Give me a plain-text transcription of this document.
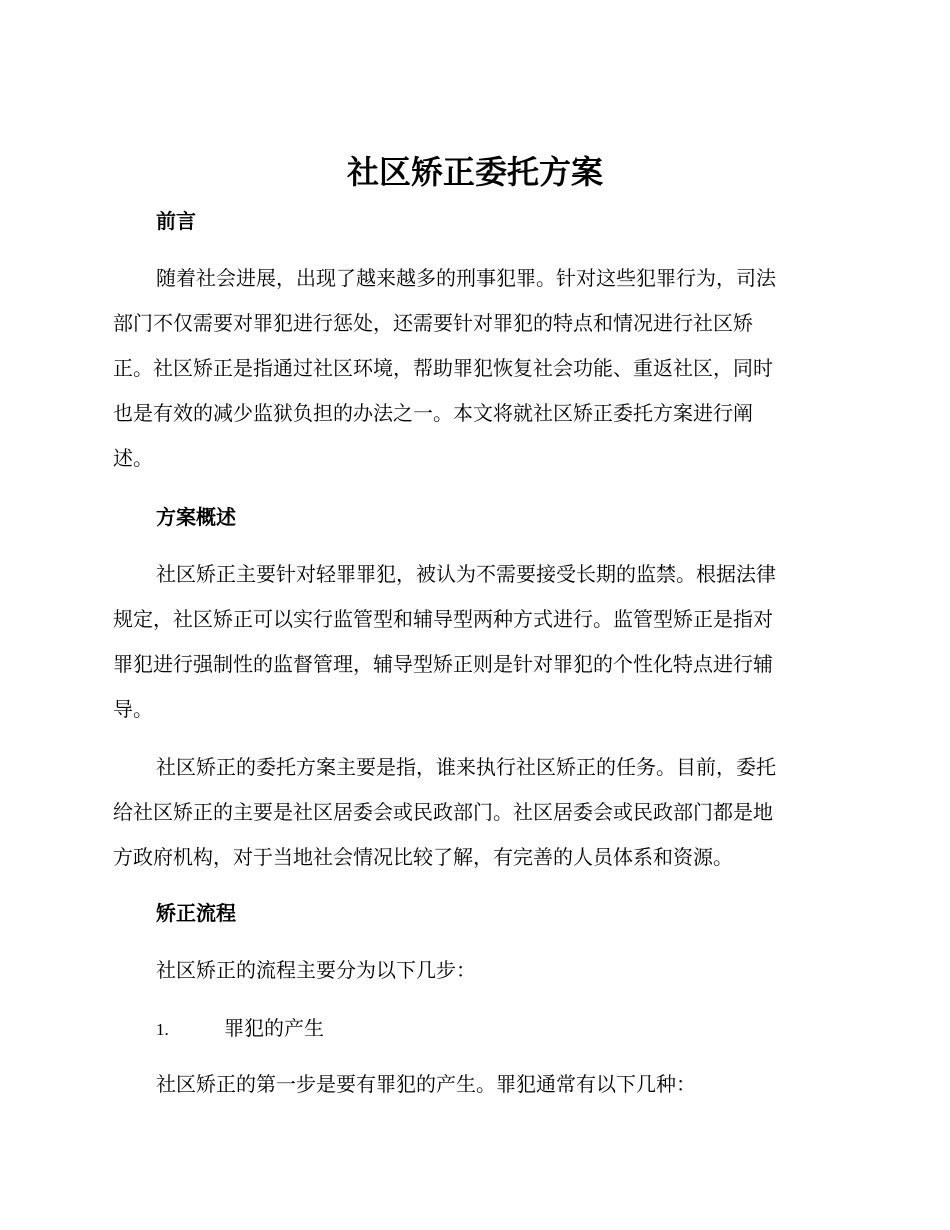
社区矫正委托方案
前言

随着社会进展，出现了越来越多的刑事犯罪。针对这些犯罪行为，司法
部门不仅需要对罪犯进行惩处，还需要针对罪犯的特点和情况进行社区矫
正。社区矫正是指通过社区环境，帮助罪犯恢复社会功能、重返社区，同时
也是有效的减少监狱负担的办法之一。本文将就社区矫正委托方案进行阐
述。

方案概述

社区矫正主要针对轻罪罪犯，被认为不需要接受长期的监禁。根据法律
规定，社区矫正可以实行监管型和辅导型两种方式进行。监管型矫正是指对
罪犯进行强制性的监督管理，辅导型矫正则是针对罪犯的个性化特点进行辅
导。

社区矫正的委托方案主要是指，谁来执行社区矫正的任务。目前，委托
给社区矫正的主要是社区居委会或民政部门。社区居委会或民政部门都是地
方政府机构，对于当地社会情况比较了解，有完善的人员体系和资源。

矫正流程

社区矫正的流程主要分为以下几步：

1.	罪犯的产生

社区矫正的第一步是要有罪犯的产生。罪犯通常有以下几种：
